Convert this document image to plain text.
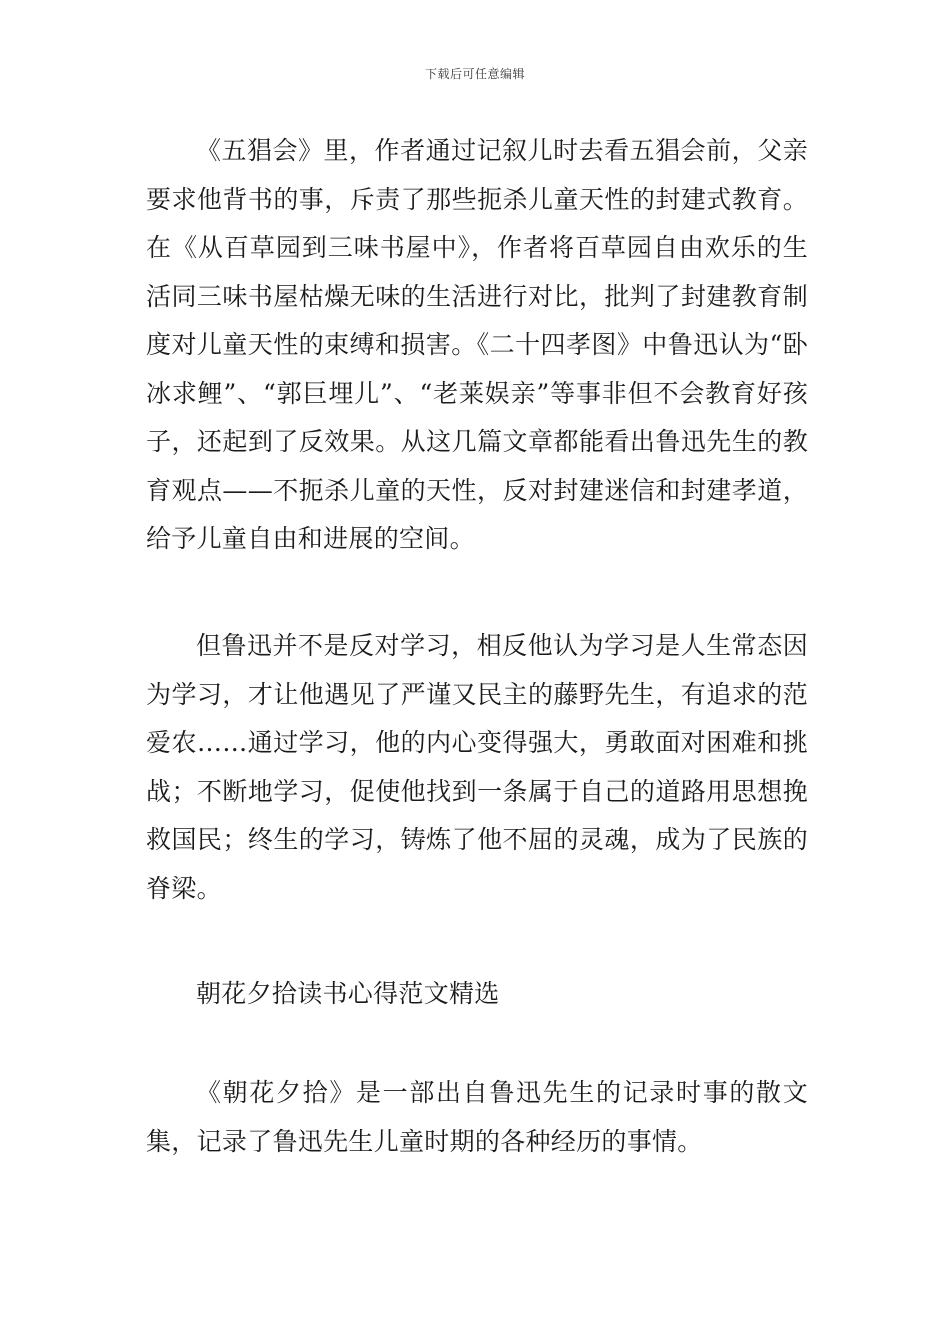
下载后可任意编辑

《五猖会》里，作者通过记叙儿时去看五猖会前，父亲要求他背书的事，斥责了那些扼杀儿童天性的封建式教育。在《从百草园到三味书屋中》，作者将百草园自由欢乐的生活同三味书屋枯燥无味的生活进行对比，批判了封建教育制度对儿童天性的束缚和损害。《二十四孝图》中鲁迅认为“卧冰求鲤”、“郭巨埋儿”、“老莱娱亲”等事非但不会教育好孩子，还起到了反效果。从这几篇文章都能看出鲁迅先生的教育观点——不扼杀儿童的天性，反对封建迷信和封建孝道，给予儿童自由和进展的空间。

但鲁迅并不是反对学习，相反他认为学习是人生常态因为学习，才让他遇见了严谨又民主的藤野先生，有追求的范爱农……通过学习，他的内心变得强大，勇敢面对困难和挑战；不断地学习，促使他找到一条属于自己的道路用思想挽救国民；终生的学习，铸炼了他不屈的灵魂，成为了民族的脊梁。

朝花夕拾读书心得范文精选

《朝花夕拾》是一部出自鲁迅先生的记录时事的散文集，记录了鲁迅先生儿童时期的各种经历的事情。
